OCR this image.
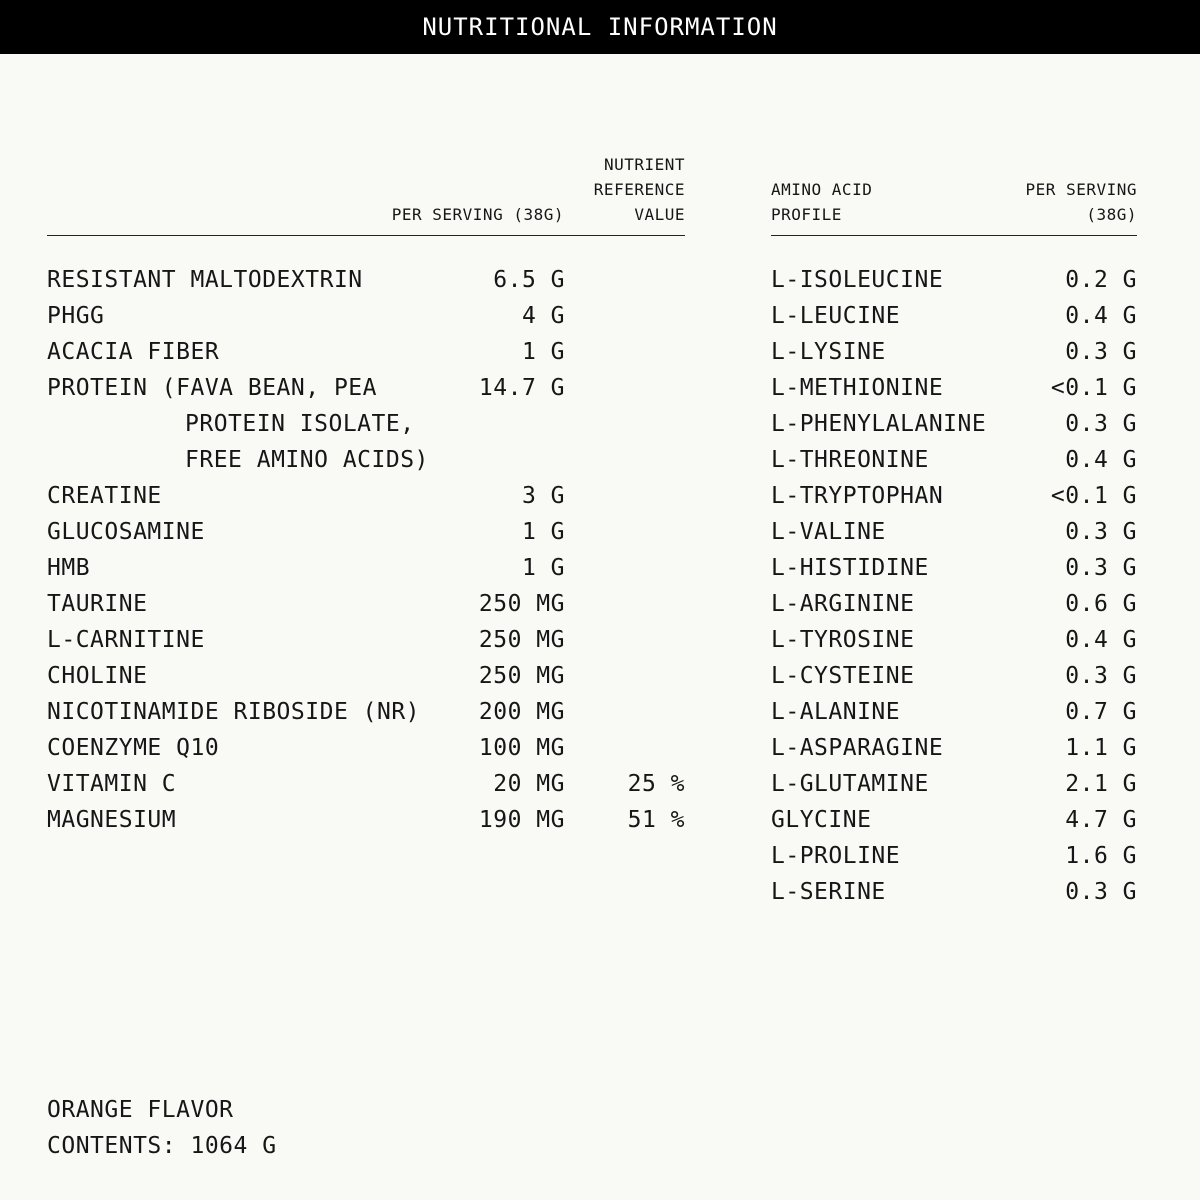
NUTRITIONAL INFORMATION
NUTRIENT
REFERENCE
VALUE
PER SERVING (38G)
AMINO ACID
PROFILE
PER SERVING
(38G)
RESISTANT MALTODEXTRIN	6.5 G
PHGG	4 G
ACACIA FIBER	1 G
PROTEIN (FAVA BEAN, PEA	14.7 G
PROTEIN ISOLATE,
FREE AMINO ACIDS)
CREATINE	3 G
GLUCOSAMINE	1 G
HMB	1 G
TAURINE	250 MG
L-CARNITINE	250 MG
CHOLINE	250 MG
NICOTINAMIDE RIBOSIDE (NR)	200 MG
COENZYME Q10	100 MG
VITAMIN C	20 MG	25 %
MAGNESIUM	190 MG	51 %
L-ISOLEUCINE	0.2 G
L-LEUCINE	0.4 G
L-LYSINE	0.3 G
L-METHIONINE	<0.1 G
L-PHENYLALANINE	0.3 G
L-THREONINE	0.4 G
L-TRYPTOPHAN	<0.1 G
L-VALINE	0.3 G
L-HISTIDINE	0.3 G
L-ARGININE	0.6 G
L-TYROSINE	0.4 G
L-CYSTEINE	0.3 G
L-ALANINE	0.7 G
L-ASPARAGINE	1.1 G
L-GLUTAMINE	2.1 G
GLYCINE	4.7 G
L-PROLINE	1.6 G
L-SERINE	0.3 G
ORANGE FLAVOR
CONTENTS: 1064 G
